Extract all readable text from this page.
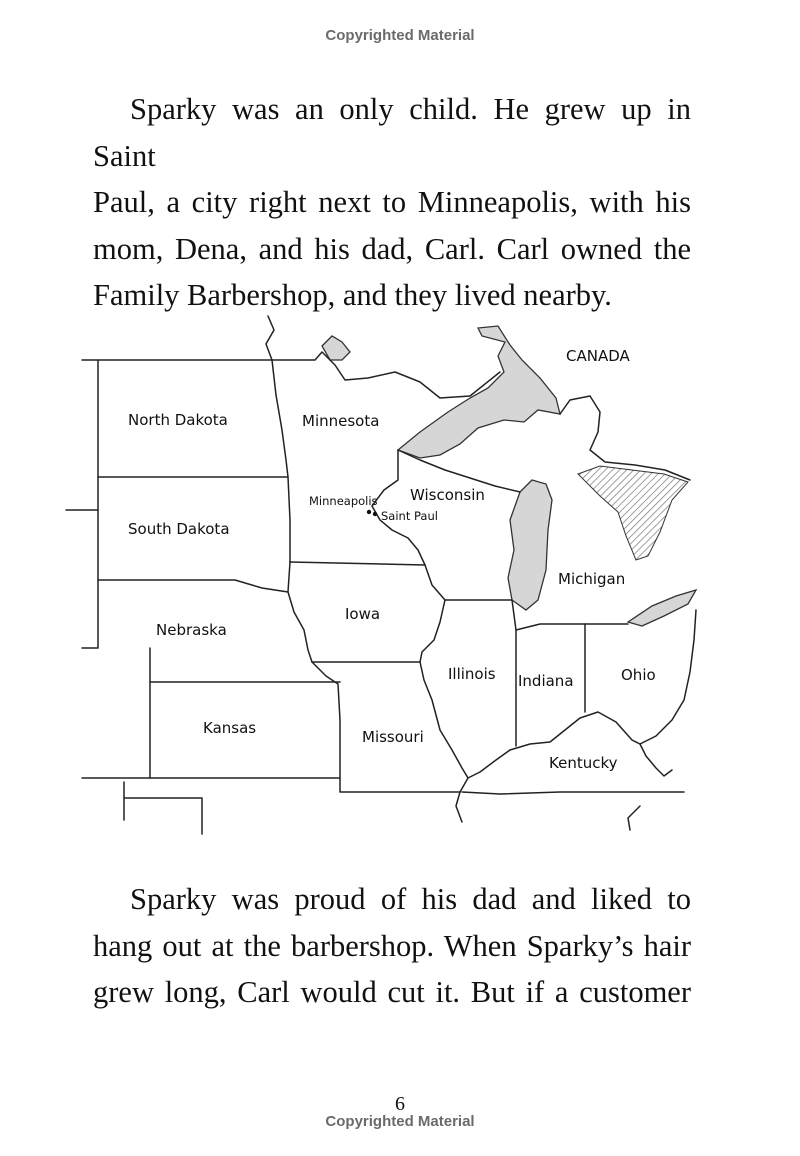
Copyrighted Material
Sparky was an only child. He grew up in Saint
Paul, a city right next to Minneapolis, with his
mom, Dena, and his dad, Carl. Carl owned the
Family Barbershop, and they lived nearby.
CANADA
North Dakota	Minnesota
South Dakota
Wisconsin
Minneapolis
Saint Paul
Michigan
Nebraska
Iowa
Illinois Indiana	Ohio
Kansas	Missouri
Kentucky
Sparky was proud of his dad and liked to
hang out at the barbershop. When Sparky’s hair
grew long, Carl would cut it. But if a customer
6
Copyrighted Material
